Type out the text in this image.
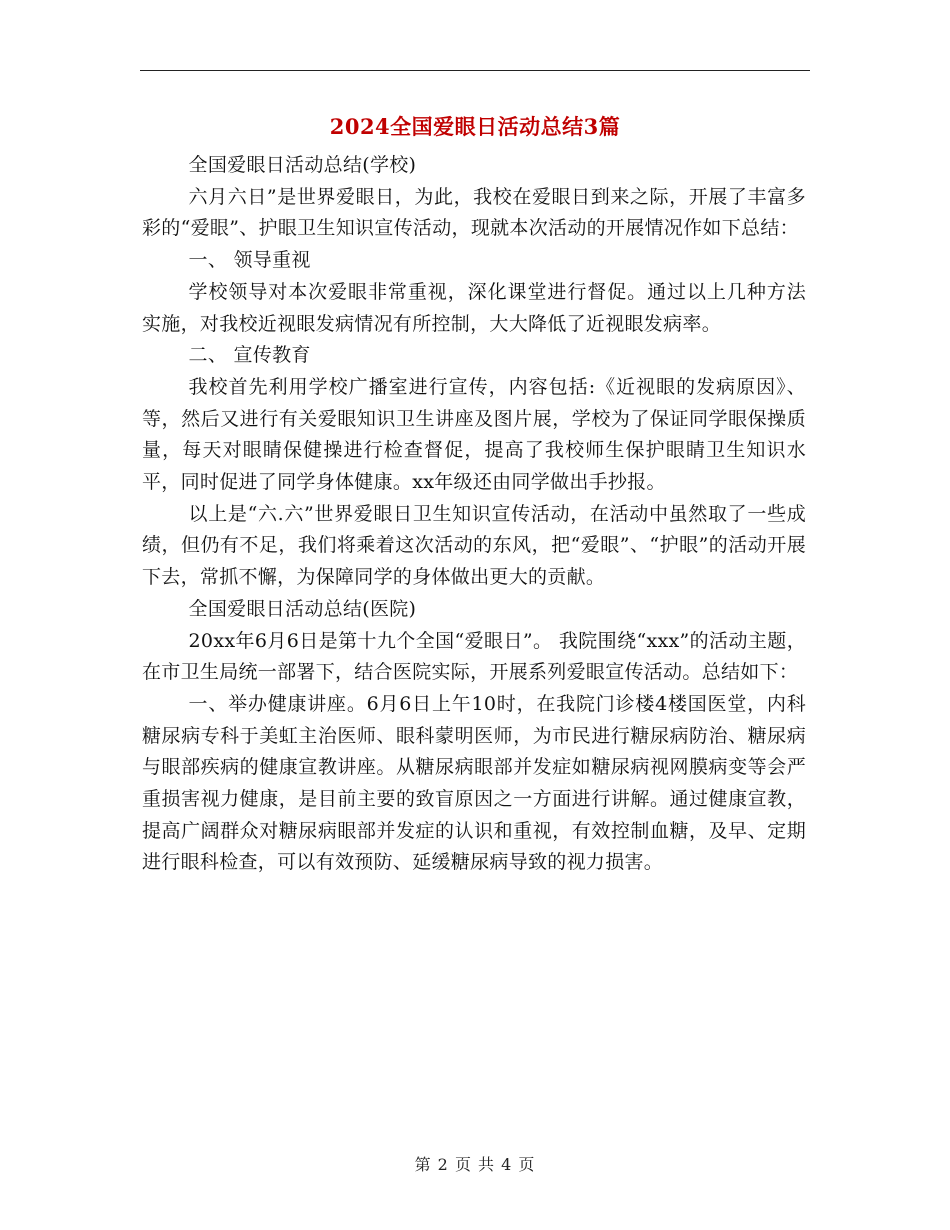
2024全国爱眼日活动总结3篇

全国爱眼日活动总结(学校)

六月六日”是世界爱眼日，为此，我校在爱眼日到来之际，开展了丰富多彩的“爱眼”、护眼卫生知识宣传活动，现就本次活动的开展情况作如下总结：

一、 领导重视

学校领导对本次爱眼非常重视，深化课堂进行督促。通过以上几种方法实施，对我校近视眼发病情况有所控制，大大降低了近视眼发病率。

二、 宣传教育

我校首先利用学校广播室进行宣传，内容包括:《近视眼的发病原因》、等，然后又进行有关爱眼知识卫生讲座及图片展，学校为了保证同学眼保操质量，每天对眼睛保健操进行检查督促，提高了我校师生保护眼睛卫生知识水平，同时促进了同学身体健康。xx年级还由同学做出手抄报。

以上是“六.六”世界爱眼日卫生知识宣传活动，在活动中虽然取了一些成绩，但仍有不足，我们将乘着这次活动的东风，把“爱眼”、“护眼”的活动开展下去，常抓不懈，为保障同学的身体做出更大的贡献。

全国爱眼日活动总结(医院)

20xx年6月6日是第十九个全国“爱眼日”。 我院围绕“xxx”的活动主题，在市卫生局统一部署下，结合医院实际，开展系列爱眼宣传活动。总结如下：

一、举办健康讲座。6月6日上午10时，在我院门诊楼4楼国医堂，内科糖尿病专科于美虹主治医师、眼科蒙明医师，为市民进行糖尿病防治、糖尿病与眼部疾病的健康宣教讲座。从糖尿病眼部并发症如糖尿病视网膜病变等会严重损害视力健康，是目前主要的致盲原因之一方面进行讲解。通过健康宣教，提高广阔群众对糖尿病眼部并发症的认识和重视，有效控制血糖，及早、定期进行眼科检查，可以有效预防、延缓糖尿病导致的视力损害。

第 2 页 共 4 页
